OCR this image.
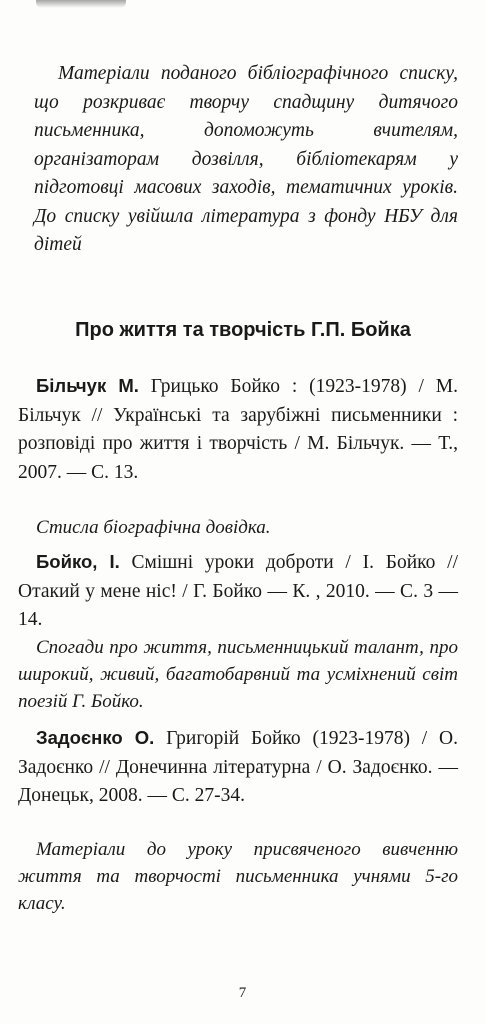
Матеріали поданого бібліографічного списку, що розкриває творчу спадщину дитячого письменника, допоможуть вчителям, організаторам дозвілля, бібліотекарям у підготовці масових заходів, тематичних уроків. До списку увійшла література з фонду НБУ для дітей

Про життя та творчість Г.П. Бойка
Більчук М. Грицько Бойко : (1923-1978) / М. Більчук // Українські та зарубіжні письменники : розповіді про життя і творчість / М. Більчук. — Т., 2007. — С. 13.
Стисла біографічна довідка.
Бойко, І. Смішні уроки доброти / І. Бойко // Отакий у мене ніс! / Г. Бойко — К. , 2010. — С. 3 — 14.
Спогади про життя, письменницький талант, про широкий, живий, багатобарвний та усміхнений світ поезій Г. Бойко.
Задоєнко О. Григорій Бойко (1923-1978) / О. Задоєнко // Донечинна літературна / О. Задоєнко. — Донецьк, 2008. — С. 27-34.
Матеріали до уроку присвяченого вивченню життя та творчості письменника учнями 5-го класу.
7
